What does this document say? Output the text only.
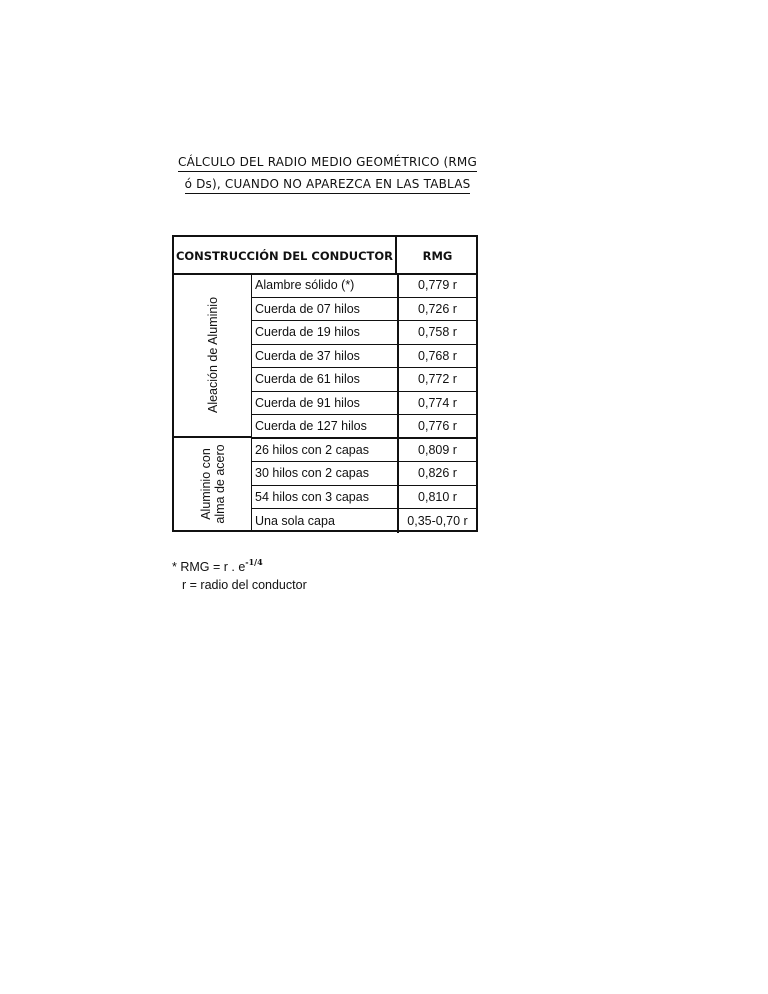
CÁLCULO DEL RADIO MEDIO GEOMÉTRICO (RMG
ó Ds), CUANDO NO APAREZCA EN LAS TABLAS
CONSTRUCCIÓN DEL CONDUCTOR	RMG
Aleación de Aluminio
Aluminio con
alma de acero
Alambre sólido (*)	0,779 r
Cuerda de 07 hilos	0,726 r
Cuerda de 19 hilos	0,758 r
Cuerda de 37 hilos	0,768 r
Cuerda de 61 hilos	0,772 r
Cuerda de 91 hilos	0,774 r
Cuerda de 127 hilos	0,776 r
26 hilos con 2 capas	0,809 r
30 hilos con 2 capas	0,826 r
54 hilos con 3 capas	0,810 r
Una sola capa	0,35-0,70 r
* RMG = r . $e^{-1/4}$
r = radio del conductor
